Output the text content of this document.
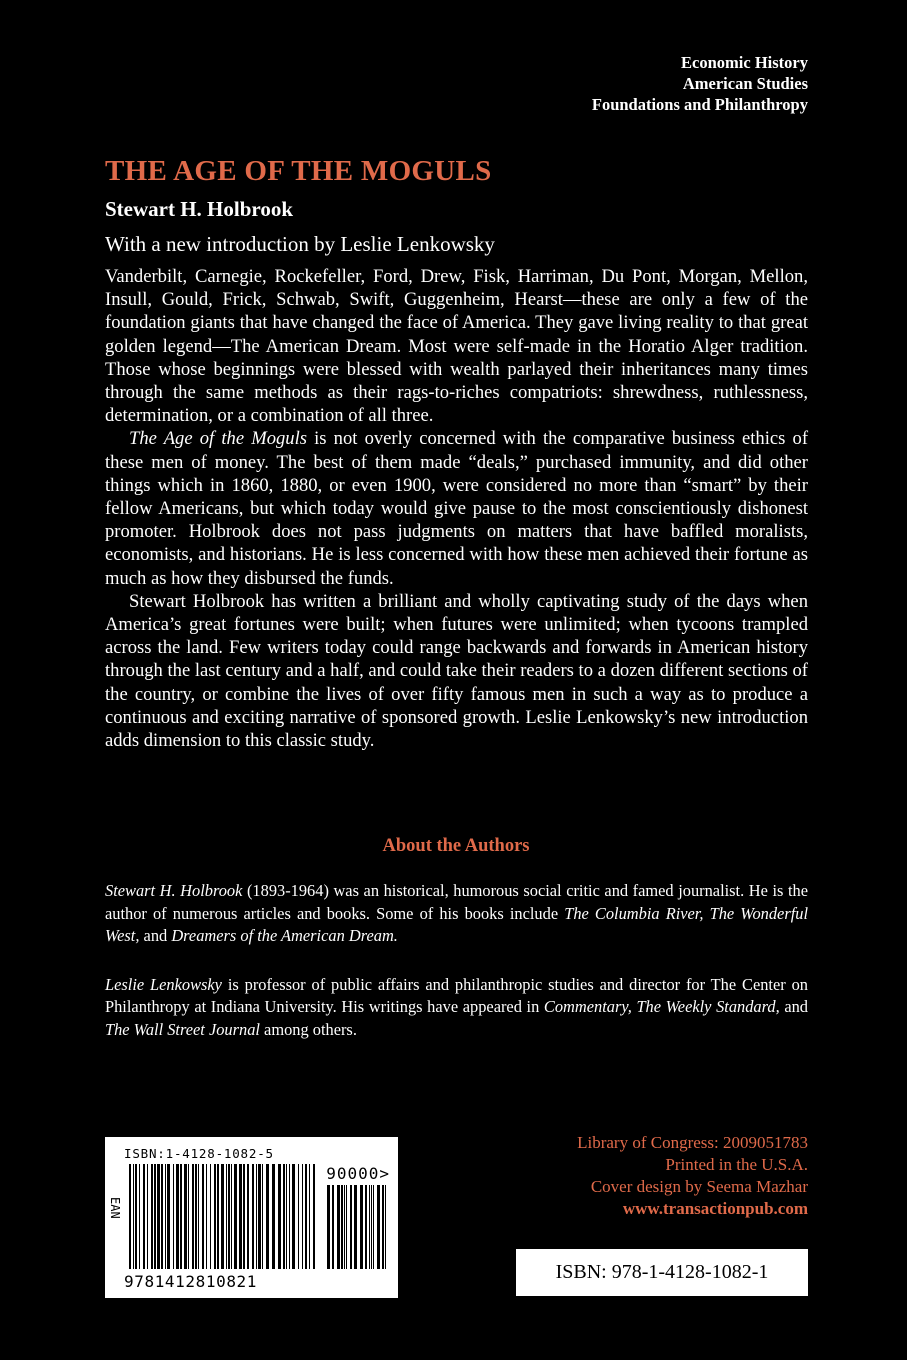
Economic History
American Studies
Foundations and Philanthropy
THE AGE OF THE MOGULS
Stewart H. Holbrook
With a new introduction by Leslie Lenkowsky

Vanderbilt, Carnegie, Rockefeller, Ford, Drew, Fisk, Harriman, Du Pont, Morgan, Mellon, Insull, Gould, Frick, Schwab, Swift, Guggenheim, Hearst—these are only a few of the foundation giants that have changed the face of America. They gave living reality to that great golden legend—The American Dream. Most were self-made in the Horatio Alger tradition. Those whose beginnings were blessed with wealth parlayed their inheritances many times through the same methods as their rags-to-riches compatriots: shrewdness, ruthlessness, determination, or a combination of all three.

The Age of the Moguls is not overly concerned with the comparative business ethics of these men of money. The best of them made “deals,” purchased immunity, and did other things which in 1860, 1880, or even 1900, were considered no more than “smart” by their fellow Americans, but which today would give pause to the most conscientiously dishonest promoter. Holbrook does not pass judgments on matters that have baffled moralists, economists, and historians. He is less concerned with how these men achieved their fortune as much as how they disbursed the funds.

Stewart Holbrook has written a brilliant and wholly captivating study of the days when America’s great fortunes were built; when futures were unlimited; when tycoons trampled across the land. Few writers today could range backwards and forwards in American history through the last century and a half, and could take their readers to a dozen different sections of the country, or combine the lives of over fifty famous men in such a way as to produce a continuous and exciting narrative of sponsored growth. Leslie Lenkowsky’s new introduction adds dimension to this classic study.

About the Authors

Stewart H. Holbrook (1893-1964) was an historical, humorous social critic and famed journalist. He is the author of numerous articles and books. Some of his books include The Columbia River, The Wonderful West, and Dreamers of the American Dream.

Leslie Lenkowsky is professor of public affairs and philanthropic studies and director for The Center on Philanthropy at Indiana University. His writings have appeared in Commentary, The Weekly Standard, and The Wall Street Journal among others.

ISBN:1-4128-1082-5
90000>
EAN
9781412810821
Library of Congress: 2009051783
Printed in the U.S.A.
Cover design by Seema Mazhar
www.transactionpub.com
ISBN: 978-1-4128-1082-1
